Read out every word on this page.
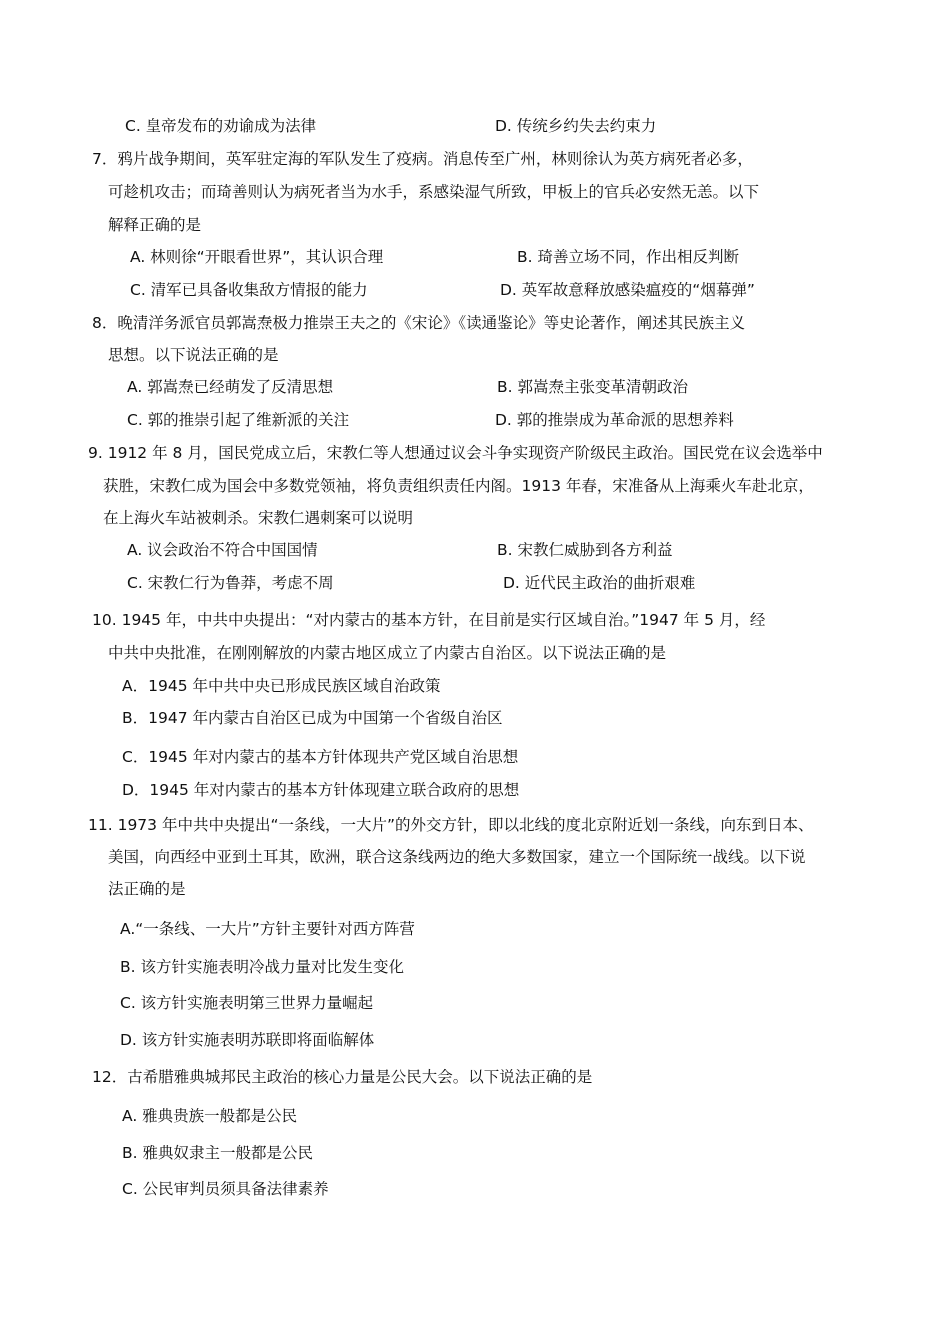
C. 皇帝发布的劝谕成为法律	D. 传统乡约失去约束力
7．鸦片战争期间，英军驻定海的军队发生了疫病。消息传至广州，林则徐认为英方病死者必多，
可趁机攻击；而琦善则认为病死者当为水手，系感染湿气所致，甲板上的官兵必安然无恙。以下
解释正确的是
A. 林则徐“开眼看世界”，其认识合理	B. 琦善立场不同，作出相反判断
C. 清军已具备收集敌方情报的能力	D. 英军故意释放感染瘟疫的“烟幕弹”
8．晚清洋务派官员郭嵩焘极力推崇王夫之的《宋论》《读通鉴论》等史论著作，阐述其民族主义
思想。以下说法正确的是
A. 郭嵩焘已经萌发了反清思想	B. 郭嵩焘主张变革清朝政治
C. 郭的推崇引起了维新派的关注	D. 郭的推崇成为革命派的思想养料
9. 1912 年 8 月，国民党成立后，宋教仁等人想通过议会斗争实现资产阶级民主政治。国民党在议会选举中
获胜，宋教仁成为国会中多数党领袖，将负责组织责任内阁。1913 年春，宋准备从上海乘火车赴北京，
在上海火车站被刺杀。宋教仁遇刺案可以说明
A. 议会政治不符合中国国情	B. 宋教仁威胁到各方利益
C. 宋教仁行为鲁莽，考虑不周	D. 近代民主政治的曲折艰难
10. 1945 年，中共中央提出：“对内蒙古的基本方针，在目前是实行区域自治。”1947 年 5 月，经
中共中央批准，在刚刚解放的内蒙古地区成立了内蒙古自治区。以下说法正确的是
A．1945 年中共中央已形成民族区域自治政策
B．1947 年内蒙古自治区已成为中国第一个省级自治区
C．1945 年对内蒙古的基本方针体现共产党区域自治思想
D．1945 年对内蒙古的基本方针体现建立联合政府的思想
11. 1973 年中共中央提出“一条线，一大片”的外交方针，即以北线的度北京附近划一条线，向东到日本、
美国，向西经中亚到土耳其，欧洲，联合这条线两边的绝大多数国家，建立一个国际统一战线。以下说
法正确的是
A.“一条线、一大片”方针主要针对西方阵营
B. 该方针实施表明冷战力量对比发生变化
C. 该方针实施表明第三世界力量崛起
D. 该方针实施表明苏联即将面临解体
12．古希腊雅典城邦民主政治的核心力量是公民大会。以下说法正确的是
A. 雅典贵族一般都是公民
B. 雅典奴隶主一般都是公民
C. 公民审判员须具备法律素养
